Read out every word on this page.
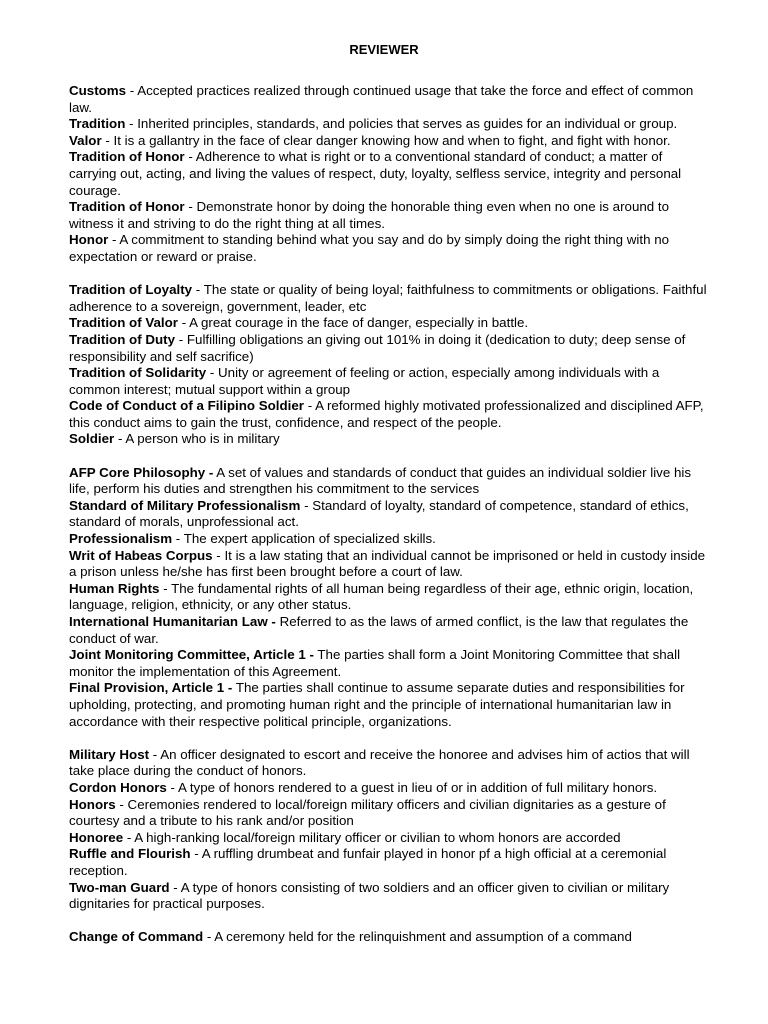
REVIEWER

Customs - Accepted practices realized through continued usage that take the force and effect of common law.

Tradition - Inherited principles, standards, and policies that serves as guides for an individual or group.

Valor - It is a gallantry in the face of clear danger knowing how and when to fight, and fight with honor.

Tradition of Honor - Adherence to what is right or to a conventional standard of conduct; a matter of carrying out, acting, and living the values of respect, duty, loyalty, selfless service, integrity and personal courage.

Tradition of Honor - Demonstrate honor by doing the honorable thing even when no one is around to witness it and striving to do the right thing at all times.

Honor - A commitment to standing behind what you say and do by simply doing the right thing with no expectation or reward or praise.

Tradition of Loyalty - The state or quality of being loyal; faithfulness to commitments or obligations. Faithful adherence to a sovereign, government, leader, etc

Tradition of Valor - A great courage in the face of danger, especially in battle.

Tradition of Duty - Fulfilling obligations an giving out 101% in doing it (dedication to duty; deep sense of responsibility and self sacrifice)

Tradition of Solidarity - Unity or agreement of feeling or action, especially among individuals with a common interest; mutual support within a group

Code of Conduct of a Filipino Soldier - A reformed highly motivated professionalized and disciplined AFP, this conduct aims to gain the trust, confidence, and respect of the people.

Soldier - A person who is in military

AFP Core Philosophy - A set of values and standards of conduct that guides an individual soldier live his life, perform his duties and strengthen his commitment to the services

Standard of Military Professionalism - Standard of loyalty, standard of competence, standard of ethics, standard of morals, unprofessional act.

Professionalism - The expert application of specialized skills.

Writ of Habeas Corpus - It is a law stating that an individual cannot be imprisoned or held in custody inside a prison unless he/she has first been brought before a court of law.

Human Rights - The fundamental rights of all human being regardless of their age, ethnic origin, location, language, religion, ethnicity, or any other status.

International Humanitarian Law - Referred to as the laws of armed conflict, is the law that regulates the conduct of war.

Joint Monitoring Committee, Article 1 - The parties shall form a Joint Monitoring Committee that shall monitor the implementation of this Agreement.

Final Provision, Article 1 - The parties shall continue to assume separate duties and responsibilities for upholding, protecting, and promoting human right and the principle of international humanitarian law in accordance with their respective political principle, organizations.

Military Host - An officer designated to escort and receive the honoree and advises him of actios that will take place during the conduct of honors.

Cordon Honors - A type of honors rendered to a guest in lieu of or in addition of full military honors.

Honors - Ceremonies rendered to local/foreign military officers and civilian dignitaries as a gesture of courtesy and a tribute to his rank and/or position

Honoree - A high-ranking local/foreign military officer or civilian to whom honors are accorded

Ruffle and Flourish - A ruffling drumbeat and funfair played in honor pf a high official at a ceremonial reception.

Two-man Guard - A type of honors consisting of two soldiers and an officer given to civilian or military dignitaries for practical purposes.

Change of Command - A ceremony held for the relinquishment and assumption of a command
